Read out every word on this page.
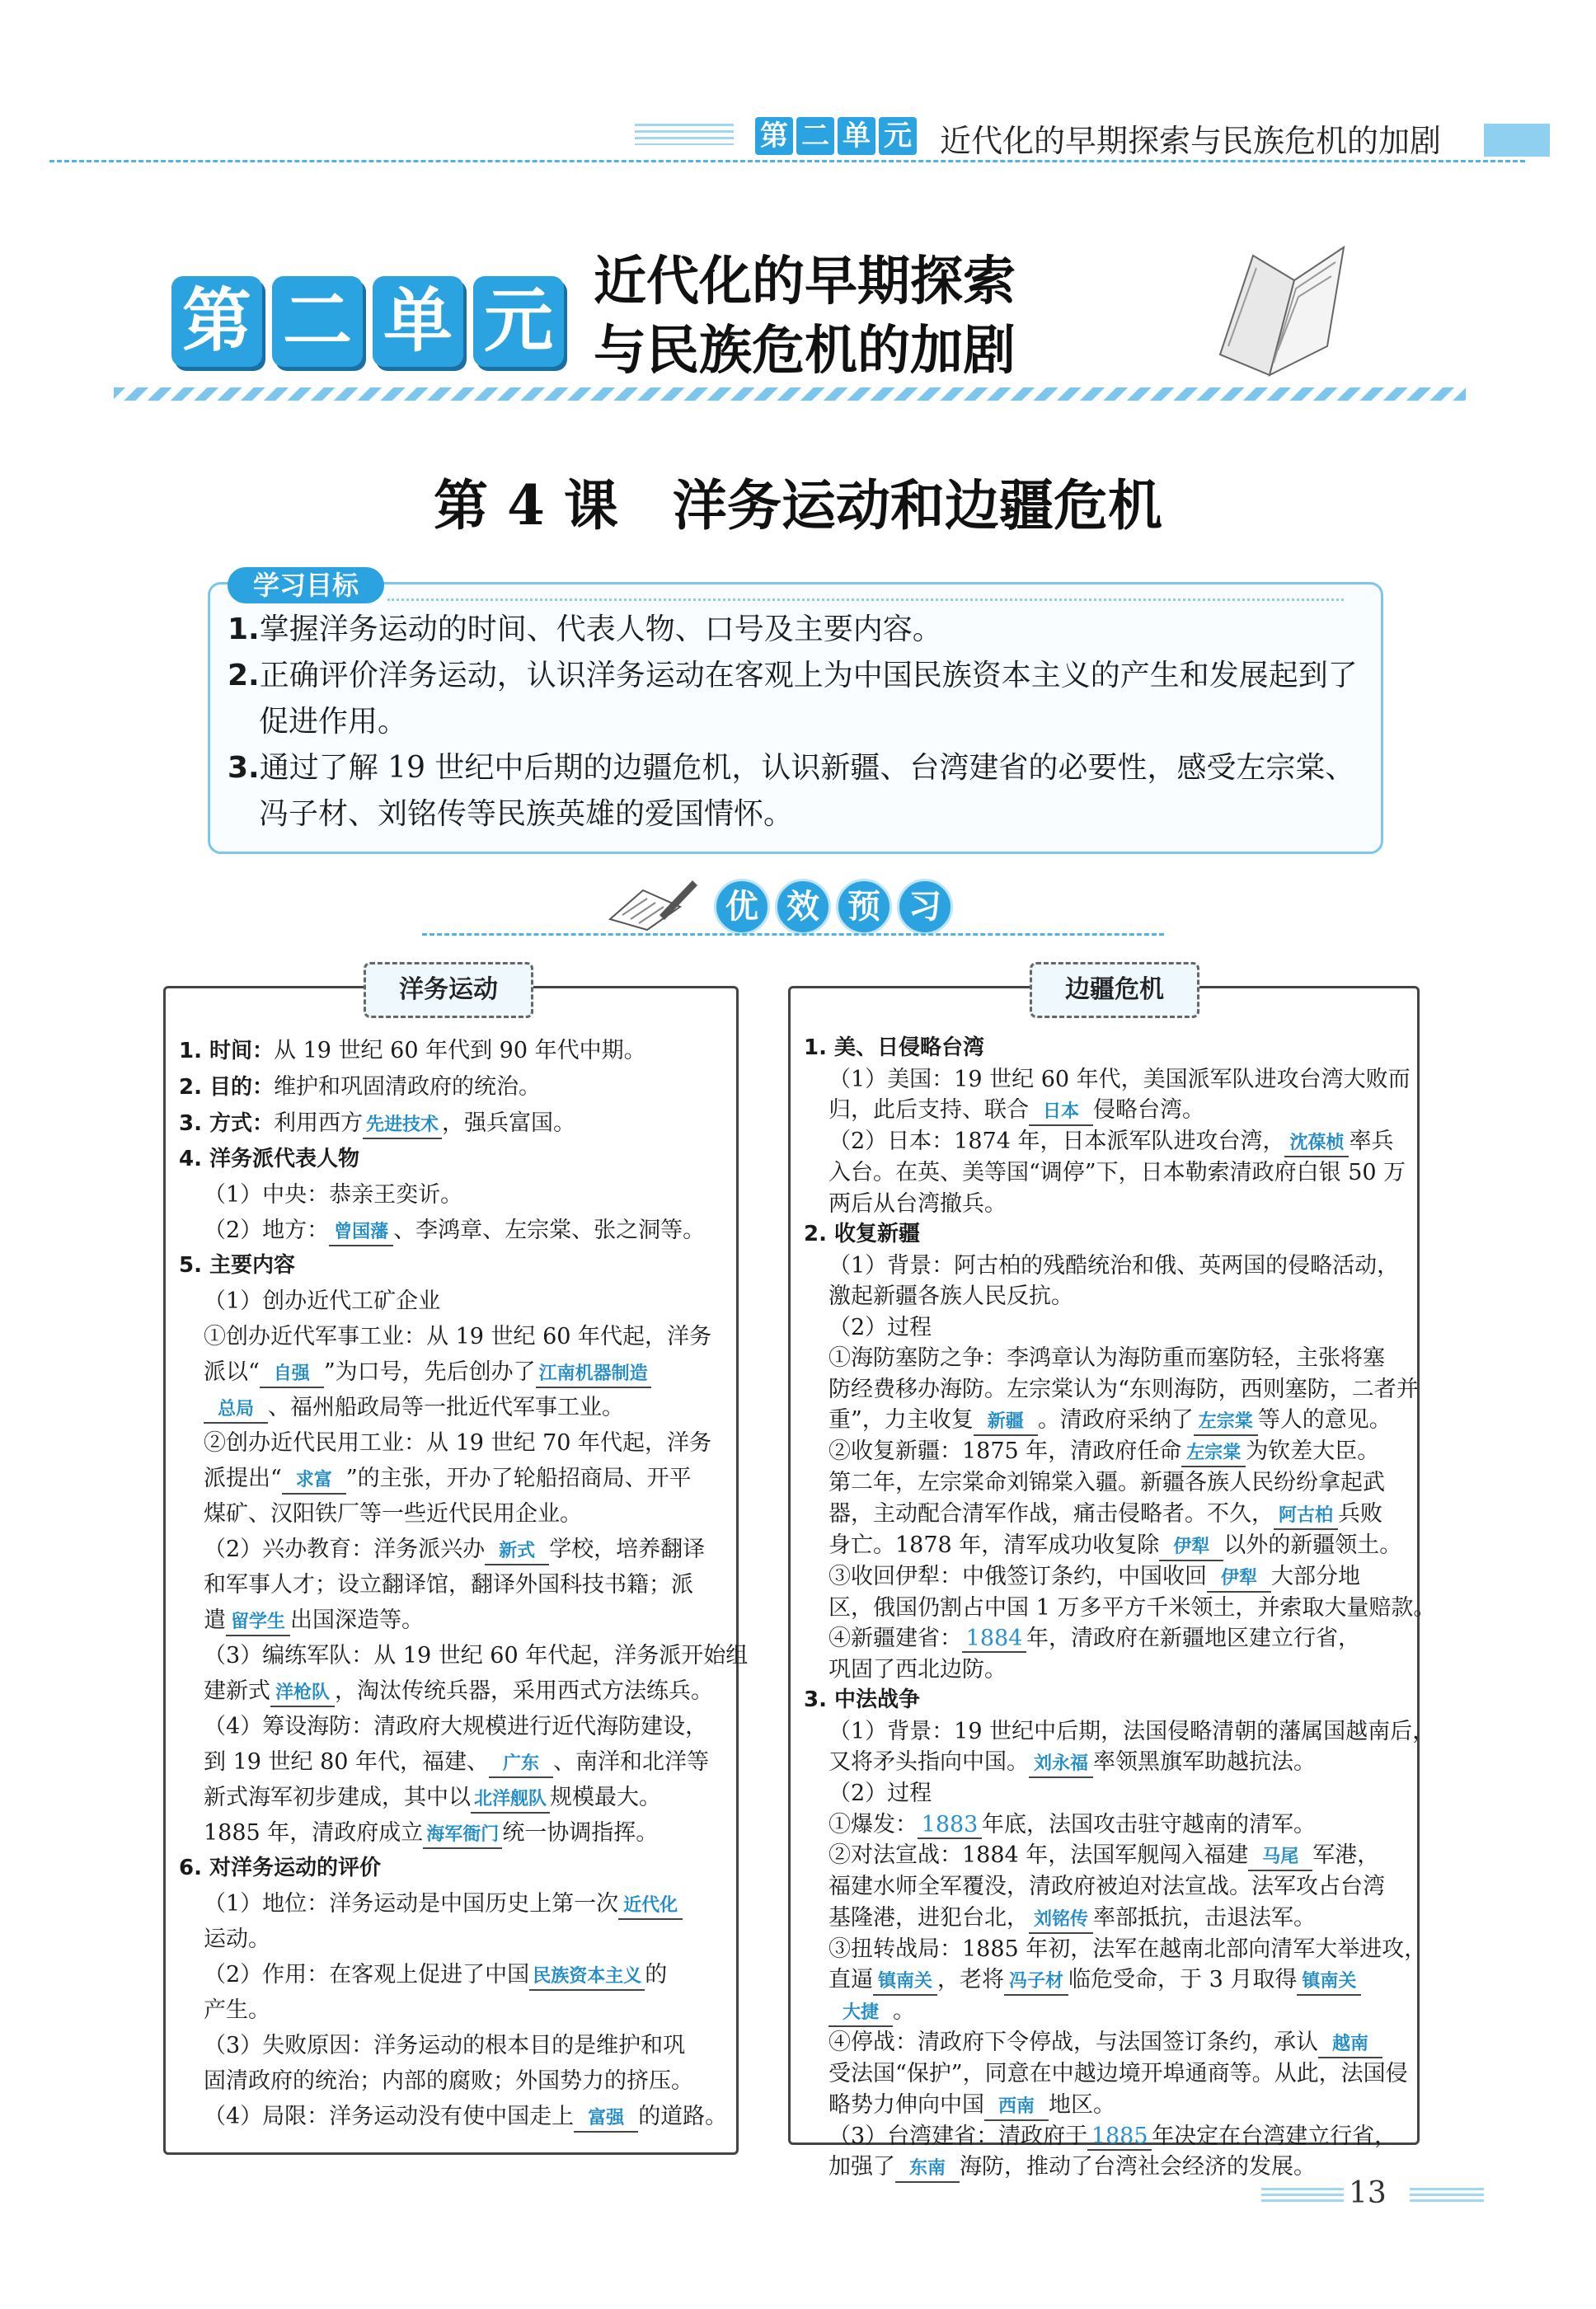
第 二 单 元 近代化的早期探索与民族危机的加剧
第 二 单 元 近代化的早期探索
与民族危机的加剧
第 4 课　洋务运动和边疆危机
学习目标

1.掌握洋务运动的时间、代表人物、口号及主要内容。

2.正确评价洋务运动，认识洋务运动在客观上为中国民族资本主义的产生和发展起到了促进作用。

3.通过了解 19 世纪中后期的边疆危机，认识新疆、台湾建省的必要性，感受左宗棠、冯子材、刘铭传等民族英雄的爱国情怀。

优 效 预 习
洋务运动
1. 时间：从 19 世纪 60 年代到 90 年代中期。
2. 目的：维护和巩固清政府的统治。
3. 方式：利用西方 先进技术 ，强兵富国。
4. 洋务派代表人物
（1）中央：恭亲王奕䜣。
（2）地方： 曾国藩 、李鸿章、左宗棠、张之洞等。
5. 主要内容
（1）创办近代工矿企业
①创办近代军事工业：从 19 世纪 60 年代起，洋务
派以“ 自强 ”为口号，先后创办了 江南机器制造
总局 、福州船政局等一批近代军事工业。
②创办近代民用工业：从 19 世纪 70 年代起，洋务
派提出“ 求富 ”的主张，开办了轮船招商局、开平
煤矿、汉阳铁厂等一些近代民用企业。
（2）兴办教育：洋务派兴办 新式 学校，培养翻译
和军事人才；设立翻译馆，翻译外国科技书籍；派
遣 留学生 出国深造等。
（3）编练军队：从 19 世纪 60 年代起，洋务派开始组
建新式 洋枪队 ，淘汰传统兵器，采用西式方法练兵。
（4）筹设海防：清政府大规模进行近代海防建设，
到 19 世纪 80 年代，福建、 广东 、南洋和北洋等
新式海军初步建成，其中以 北洋舰队 规模最大。
1885 年，清政府成立 海军衙门 统一协调指挥。
6. 对洋务运动的评价
（1）地位：洋务运动是中国历史上第一次 近代化
运动。
（2）作用：在客观上促进了中国 民族资本主义 的
产生。
（3）失败原因：洋务运动的根本目的是维护和巩
固清政府的统治；内部的腐败；外国势力的挤压。
（4）局限：洋务运动没有使中国走上 富强 的道路。
边疆危机
1. 美、日侵略台湾
（1）美国：19 世纪 60 年代，美国派军队进攻台湾大败而
归，此后支持、联合 日本 侵略台湾。
（2）日本：1874 年，日本派军队进攻台湾， 沈葆桢 率兵
入台。在英、美等国“调停”下，日本勒索清政府白银 50 万
两后从台湾撤兵。
2. 收复新疆
（1）背景：阿古柏的残酷统治和俄、英两国的侵略活动，
激起新疆各族人民反抗。
（2）过程
①海防塞防之争：李鸿章认为海防重而塞防轻，主张将塞
防经费移办海防。左宗棠认为“东则海防，西则塞防，二者并
重”，力主收复 新疆 。清政府采纳了 左宗棠 等人的意见。
②收复新疆：1875 年，清政府任命 左宗棠 为钦差大臣。
第二年，左宗棠命刘锦棠入疆。新疆各族人民纷纷拿起武
器，主动配合清军作战，痛击侵略者。不久， 阿古柏 兵败
身亡。1878 年，清军成功收复除 伊犁 以外的新疆领土。
③收回伊犁：中俄签订条约，中国收回 伊犁 大部分地
区，俄国仍割占中国 1 万多平方千米领土，并索取大量赔款。
④新疆建省： 1884 年，清政府在新疆地区建立行省，
巩固了西北边防。
3. 中法战争
（1）背景：19 世纪中后期，法国侵略清朝的藩属国越南后，
又将矛头指向中国。 刘永福 率领黑旗军助越抗法。
（2）过程
①爆发： 1883 年底，法国攻击驻守越南的清军。
②对法宣战：1884 年，法国军舰闯入福建 马尾 军港，
福建水师全军覆没，清政府被迫对法宣战。法军攻占台湾
基隆港，进犯台北， 刘铭传 率部抵抗，击退法军。
③扭转战局：1885 年初，法军在越南北部向清军大举进攻，
直逼 镇南关 ，老将 冯子材 临危受命，于 3 月取得 镇南关
大捷 。
④停战：清政府下令停战，与法国签订条约，承认 越南
受法国“保护”，同意在中越边境开埠通商等。从此，法国侵
略势力伸向中国 西南 地区。
（3）台湾建省：清政府于 1885 年决定在台湾建立行省，
加强了 东南 海防，推动了台湾社会经济的发展。
13
